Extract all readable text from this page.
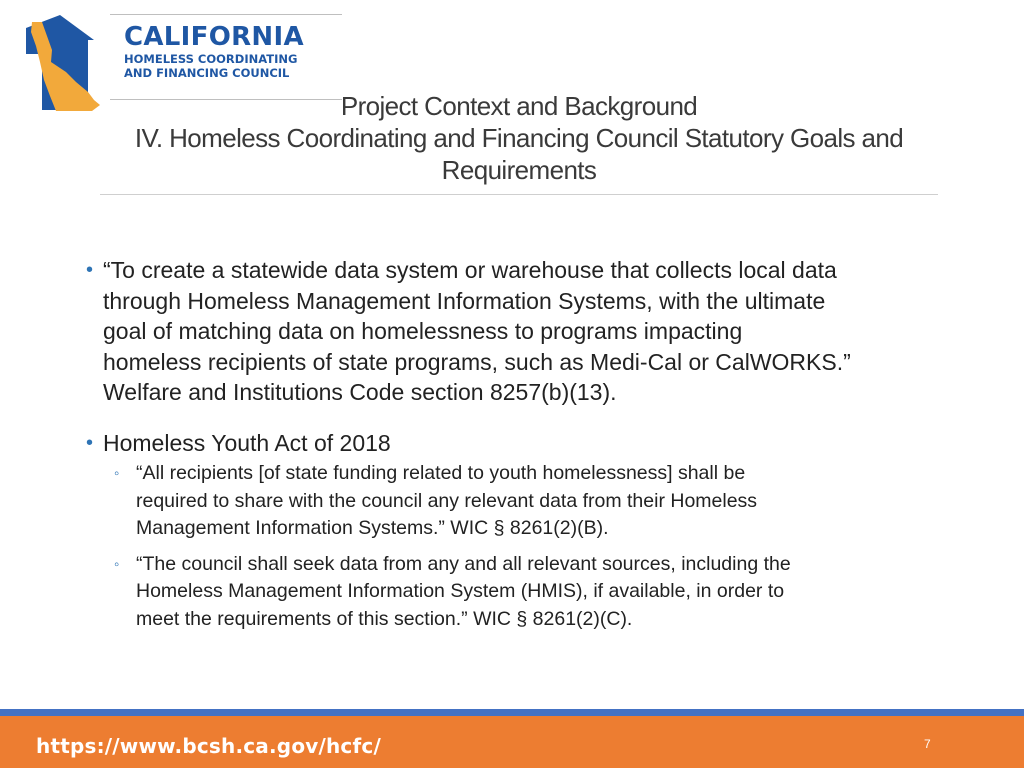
CALIFORNIA
HOMELESS COORDINATING
AND FINANCING COUNCIL
Project Context and Background
IV. Homeless Coordinating and Financing Council Statutory Goals and
Requirements
• “To create a statewide data system or warehouse that collects local data
through Homeless Management Information Systems, with the ultimate
goal of matching data on homelessness to programs impacting
homeless recipients of state programs, such as Medi-Cal or CalWORKS.”
Welfare and Institutions Code section 8257(b)(13).
• Homeless Youth Act of 2018
◦ “All recipients [of state funding related to youth homelessness] shall be
required to share with the council any relevant data from their Homeless
Management Information Systems.” WIC § 8261(2)(B).
◦ “The council shall seek data from any and all relevant sources, including the
Homeless Management Information System (HMIS), if available, in order to
meet the requirements of this section.” WIC § 8261(2)(C).
https://www.bcsh.ca.gov/hcfc/	7
